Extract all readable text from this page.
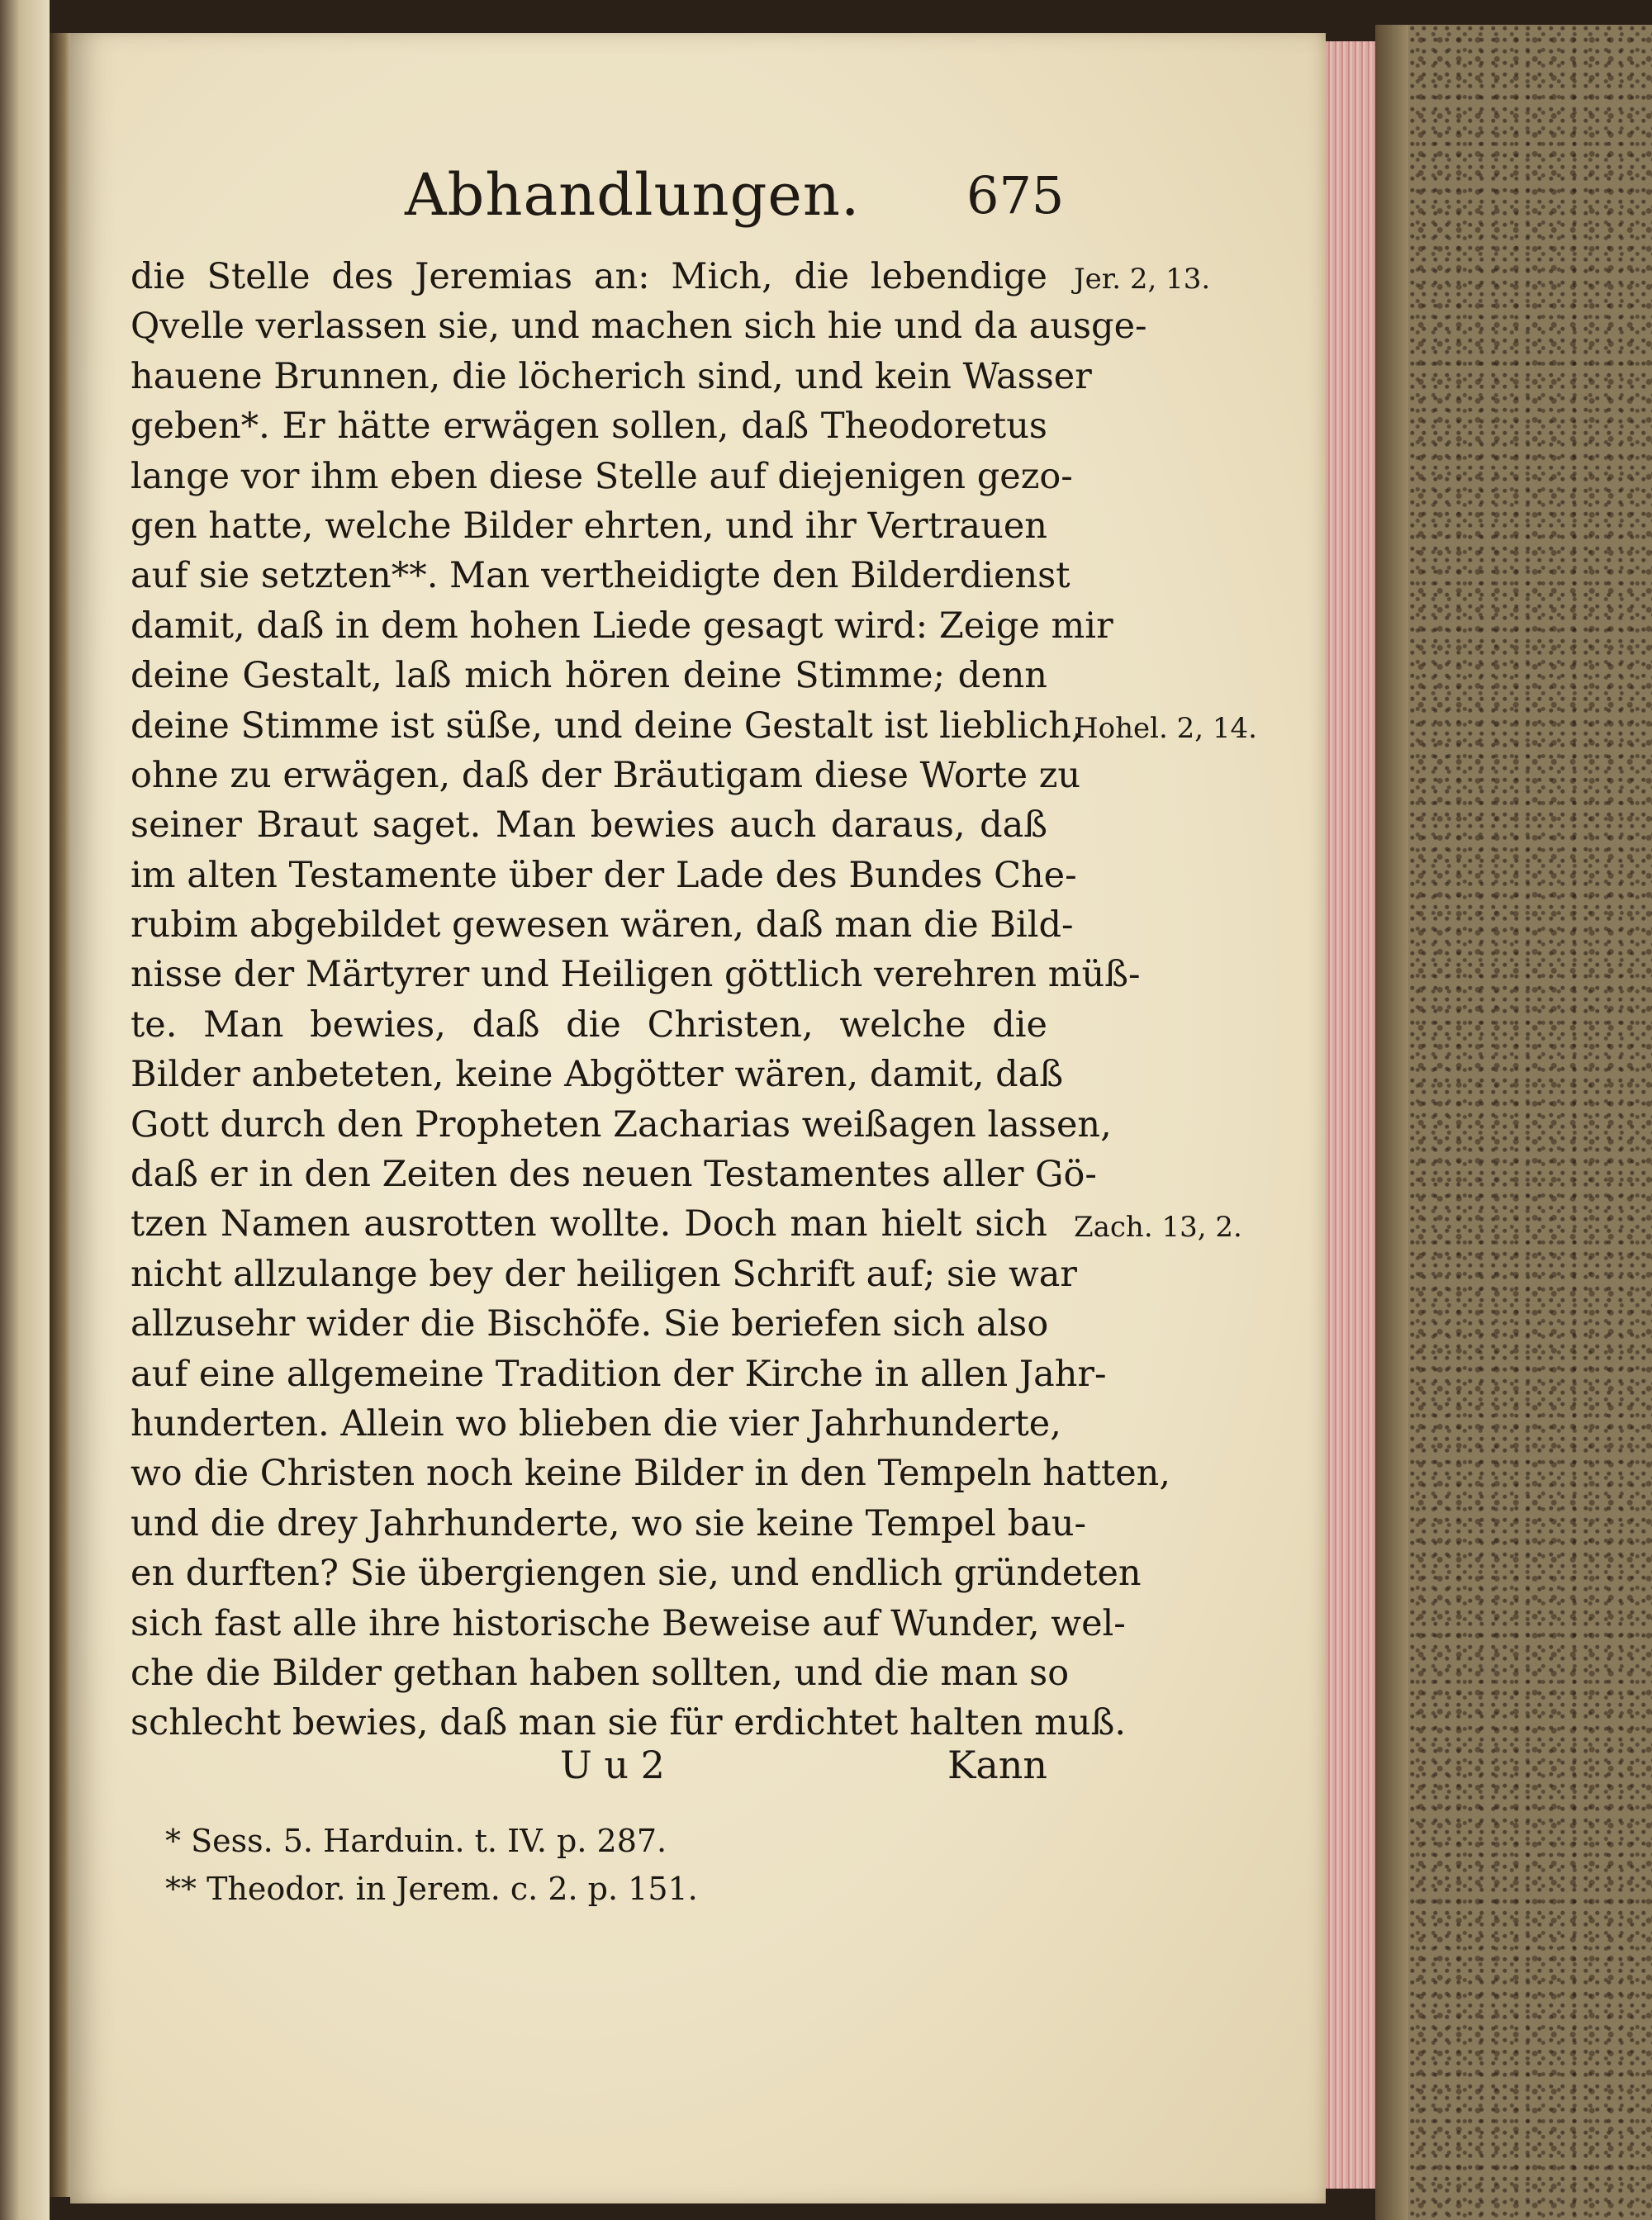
Abhandlungen. 675
die Stelle des Jeremias an: Mich, die lebendige
Qvelle verlassen sie, und machen sich hie und da ausge-
hauene Brunnen, die löcherich sind, und kein Wasser
geben*. Er hätte erwägen sollen, daß Theodoretus
lange vor ihm eben diese Stelle auf diejenigen gezo-
gen hatte, welche Bilder ehrten, und ihr Vertrauen
auf sie setzten**. Man vertheidigte den Bilderdienst
damit, daß in dem hohen Liede gesagt wird: Zeige mir
deine Gestalt, laß mich hören deine Stimme; denn
deine Stimme ist süße, und deine Gestalt ist lieblich,
ohne zu erwägen, daß der Bräutigam diese Worte zu
seiner Braut saget. Man bewies auch daraus, daß
im alten Testamente über der Lade des Bundes Che-
rubim abgebildet gewesen wären, daß man die Bild-
nisse der Märtyrer und Heiligen göttlich verehren müß-
te. Man bewies, daß die Christen, welche die
Bilder anbeteten, keine Abgötter wären, damit, daß
Gott durch den Propheten Zacharias weißagen lassen,
daß er in den Zeiten des neuen Testamentes aller Gö-
tzen Namen ausrotten wollte. Doch man hielt sich
nicht allzulange bey der heiligen Schrift auf; sie war
allzusehr wider die Bischöfe. Sie beriefen sich also
auf eine allgemeine Tradition der Kirche in allen Jahr-
hunderten. Allein wo blieben die vier Jahrhunderte,
wo die Christen noch keine Bilder in den Tempeln hatten,
und die drey Jahrhunderte, wo sie keine Tempel bau-
en durften? Sie übergiengen sie, und endlich gründeten
sich fast alle ihre historische Beweise auf Wunder, wel-
che die Bilder gethan haben sollten, und die man so
schlecht bewies, daß man sie für erdichtet halten muß.
Jer. 2, 13.
Hohel. 2, 14.
Zach. 13, 2.
U u 2	Kann
* Sess. 5. Harduin. t. IV. p. 287.
** Theodor. in Jerem. c. 2. p. 151.
